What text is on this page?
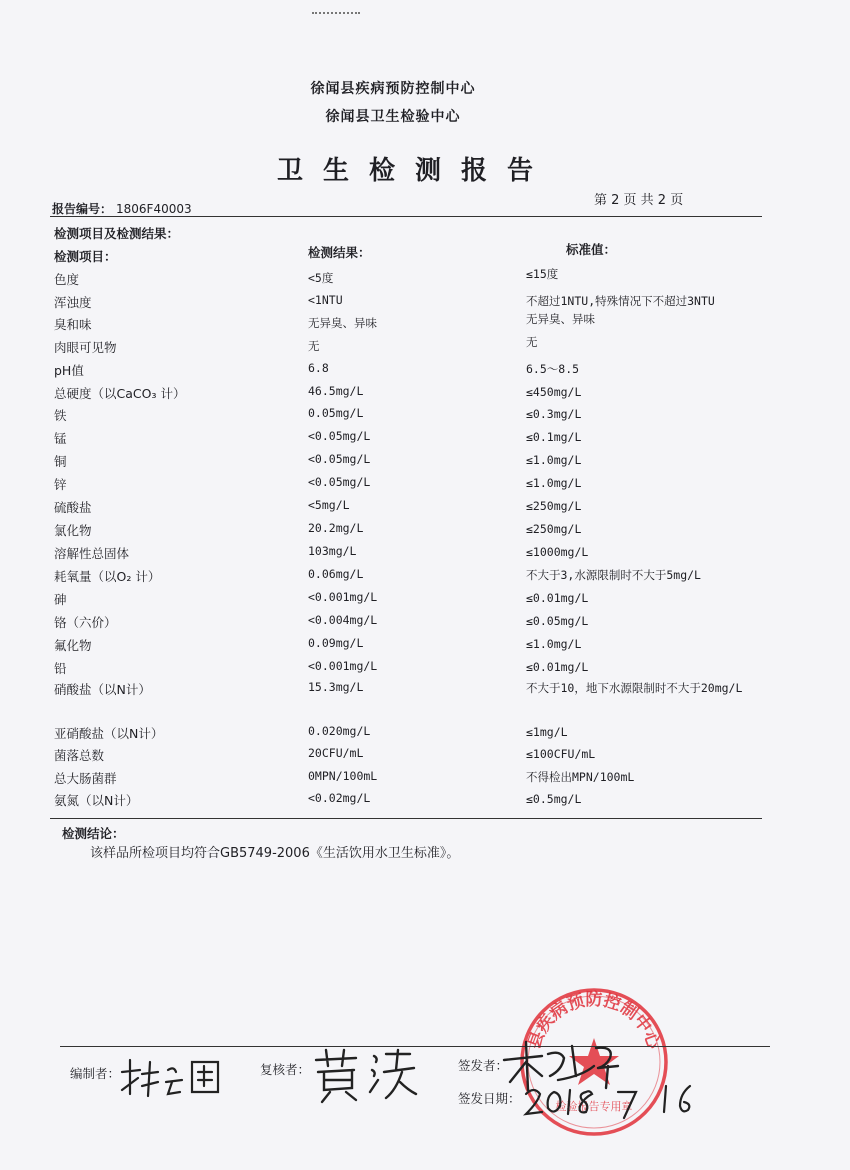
徐闻县疾病预防控制中心
徐闻县卫生检验中心
卫生检测报告
第 2 页 共 2 页
报告编号： 1806F40003
检测项目及检测结果：
检测项目：	检测结果：	标准值：
色度	<5度	≤15度
浑浊度	<1NTU	不超过1NTU,特殊情况下不超过3NTU
臭和味	无异臭、异味	无异臭、异味
肉眼可见物	无	无
pH值	6.8	6.5～8.5
总硬度（以CaCO₃ 计）	46.5mg/L	≤450mg/L
铁	0.05mg/L	≤0.3mg/L
锰	<0.05mg/L	≤0.1mg/L
铜	<0.05mg/L	≤1.0mg/L
锌	<0.05mg/L	≤1.0mg/L
硫酸盐	<5mg/L	≤250mg/L
氯化物	20.2mg/L	≤250mg/L
溶解性总固体	103mg/L	≤1000mg/L
耗氧量（以O₂ 计）	0.06mg/L	不大于3,水源限制时不大于5mg/L
砷	<0.001mg/L	≤0.01mg/L
铬（六价）	<0.004mg/L	≤0.05mg/L
氟化物	0.09mg/L	≤1.0mg/L
铅	<0.001mg/L	≤0.01mg/L
硝酸盐（以N计）	15.3mg/L	不大于10，地下水源限制时不大于20mg/L
亚硝酸盐（以N计）	0.020mg/L	≤1mg/L
菌落总数	20CFU/mL	≤100CFU/mL
总大肠菌群	0MPN/100mL	不得检出MPN/100mL
氨氮（以N计）	<0.02mg/L	≤0.5mg/L
检测结论：
该样品所检项目均符合GB5749-2006《生活饮用水卫生标准》。
县疾病预防控制中心
检验报告专用章
编制者：	复核者：	签发者：
签发日期：
